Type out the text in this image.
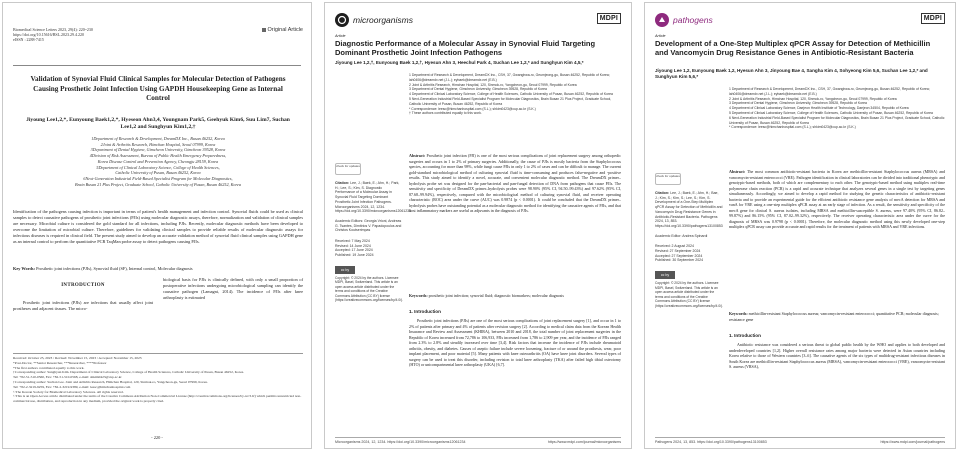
Biomedical Science Letters 2023, 29(4): 220~230
https://doi.org/10.15616/BSL.2023.29.4.220
eISSN : 2288-7415
Original Article
Validation of Synovial Fluid Clinical Samples for Molecular Detection of Pathogens Causing Prosthetic Joint Infection Using GAPDH Housekeeping Gene as Internal Control
Jiyoung Lee1,2,*, Eunyoung Baek1,2,*, Hyeseon Ahn3,4, Youngnam Park5, Geehyuk Kim6, Suu Lim7, Suchan Lee1,2 and Sunghyun Kim1,2,†
1Department of Research & Development, DreamDX Inc., Busan 46252, Korea
2Joint & Arthritis Research, Himchan Hospital, Seoul 07999, Korea
3Department of Dental Hygiene, Gimcheon University, Gimcheon 39528, Korea
4Division of Risk Assessment, Bureau of Public Health Emergency Preparedness,
Korea Disease Control and Prevention Agency, Cheongju 28159, Korea
5Department of Clinical Laboratory Science, College of Health Sciences,
Catholic University of Pusan, Busan 46252, Korea
6Next-Generation Industrial Field-Based Specialist Program for Molecular Diagnostics,
Brain Busan 21 Plus Project, Graduate School, Catholic University of Pusan, Busan 46252, Korea
Identification of the pathogens causing infection is important in terms of patient's health management and infection control. Synovial fluids could be used as clinical samples to detect causative pathogens of prosthetic joint infections (PJIs) using molecular diagnostic assays, therefore, normalization and validation of clinical samples are necessary. Microbial culture is considered the gold standard for all infections, including PJIs. Recently, molecular diagnostic methods have been developed to overcome the limitation of microbial culture. Therefore, guidelines for validating clinical samples to provide reliable results of molecular diagnostic assays for infectious diseases is required in clinical field. The present study aimed to develop an accurate validation method of synovial fluid clinical samples using GAPDH gene as an internal control to perform the quantitative PCR TaqMan probe assay to detect pathogens causing PJIs.
Key Words: Prosthetic joint infections (PJIs), Synovial fluid (SF), Internal control, Molecular diagnosis
INTRODUCTION
Prosthetic joint infections (PJIs) are infections that usually affect joint prostheses and adjacent tissues. The micro-
biological basis for PJIs is clinically defined, with only a small proportion of postoperative infections undergoing microbiological sampling can identify the causative pathogen (Lamagni, 2014). The incidence of PJIs after knee arthroplasty is estimated
Received: October 25, 2023 / Revised: November 15, 2023 / Accepted: November 15, 2023
*Post-Doctor, **Senior Researcher, ***Researcher, ****Professor
*The first authors contributed equally to this work.
†Corresponding author: Sunghyun Kim. Department of Clinical Laboratory Science, College of Health Sciences, Catholic University of Pusan, Busan 46252, Korea.
Tel: +82-51-510-0560, Fax: +82-51-510-0568, e-mail: shkim0423@cup.ac.kr
†Corresponding author: Suchan Lee. Joint and Arthritis Research, Himchan Hospital, 120, Sinmok-ro, Yangcheon-gu, Seoul 07999, Korea.
Tel: +82-2-3219-9259, Fax: +82-2-3219-9389, e-mail: leesc@himchanhospital.com
©The Korean Society for Biomedical Laboratory Sciences. All rights reserved.
©This is an Open Access article distributed under the terms of the Creative Commons Attribution Non-Commercial License (http://creativecommons.org/licenses/by-nc/3.0/) which permits unrestricted non-commercial use, distribution, and reproduction in any medium, provided the original work is properly cited.
- 220 -
microorganisms	MDPI
Article
Diagnostic Performance of a Molecular Assay in Synovial Fluid Targeting Dominant Prosthetic Joint Infection Pathogens
Jiyoung Lee 1,2,†, Eunyoung Baek 1,2,†, Hyesun Ahn 3, Heechul Park 4, Suchan Lee 1,2,* and Sunghyun Kim 4,5,*
check for updates
Citation: Lee, J.; Baek, E.; Ahn, H.; Park, H.; Lee, S.; Kim, S. Diagnostic Performance of a Molecular Assay in Synovial Fluid Targeting Dominant Prosthetic Joint Infection Pathogens. Microorganisms 2024, 12, 1234. https://doi.org/10.3390/microorganisms12061234
Academic Editors: Georgia Vrioni, Andreas G. Tsantes, Dimitrios V. Papadopoulos and Christos Koutserimpas
Received: 7 May 2024
Revised: 14 June 2024
Accepted: 17 June 2024
Published: 19 June 2024
cc by
Copyright: © 2024 by the authors. Licensee MDPI, Basel, Switzerland. This article is an open access article distributed under the terms and conditions of the Creative Commons Attribution (CC BY) license (https://creativecommons.org/licenses/by/4.0/).
1 Department of Research & Development, DreamDX Inc., CSH, 37, Gwanghwa-ro, Geumjeong-gu, Busan 46252, Republic of Korea; lah0406@dreamdx.net (J.L.); eybaek@dreamdx.net (E.B.)
2 Joint & Arthritis Research, Himchan Hospital, 120, Sinmok-ro, Yangcheon-gu, Seoul 07999, Republic of Korea
3 Department of Dental Hygiene, Gimcheon University, Gimcheon 39528, Republic of Korea
4 Department of Clinical Laboratory Science, College of Health Sciences, Catholic University of Pusan, Busan 46252, Republic of Korea
5 Next-Generation Industrial Field-Based Specialist Program for Molecular Diagnostics, Brain Busan 21 Plus Project, Graduate School, Catholic University of Pusan, Busan 46252, Republic of Korea
* Correspondence: leesc@himchanhospital.com (S.L.); shkim0423@cup.ac.kr (S.K.)
† These authors contributed equally to this work.
Abstract: Prosthetic joint infection (PJI) is one of the most serious complications of joint replacement surgery among orthopedic surgeries and occurs in 1 to 2% of primary surgeries. Additionally, the cause of PJIs is mostly bacteria from the Staphylococcus species, accounting for more than 98%, while fungi cause PJIs in only 1 to 2% of cases and can be difficult to manage. The current gold-standard microbiological method of culturing synovial fluid is time-consuming and produces false-negative and -positive results. This study aimed to identify a novel, accurate, and convenient molecular diagnostic method. The DreamDX primer–hydrolysis probe set was designed for the pan-bacterial and pan-fungal detection of DNA from pathogens that cause PJIs. The sensitivity and specificity of DreamDX primer–hydrolysis probes were 98.90% (95% CI, 94.50–99.43%) and 97.62% (95% CI, 87.68–99.94%), respectively, compared with the microbiological method of culturing synovial fluid, and receiver operating characteristic (ROC) area under the curve (AUC) was 0.9874 (p < 0.0001). It could be concluded that the DreamDX primer–hydrolysis probes have outstanding potential as a molecular diagnostic method for identifying the causative agents of PJIs, and that host inflammatory markers are useful as adjuvants in the diagnosis of PJIs.
Keywords: prosthetic joint infection; synovial fluid; diagnostic biomarkers; molecular diagnosis
1. Introduction
Prosthetic joint infections (PJIs) are one of the most serious complications of joint replacement surgery [1], and occur in 1 to 2% of patients after primary and 4% of patients after revision surgery [2]. According to medical claim data from the Korean Health Insurance and Review and Assessment (KHIRA), between 2010 and 2018, the total number of joint replacement surgeries in the Republic of Korea increased from 72,786 to 106,933, PJIs increased from 1,786 to 2,909 per year, and the incidence of PJIs ranged from 2.3% to 2.8% and steadily increased over time [3,4]. Risk factors that increase the incidence of PJIs include rheumatoid arthritis, obesity, and diabetes. Causes of aseptic failure include severe loosening, fracture of or around the prosthesis, wear, poor implant placement, and poor material [5]. Many patients with knee osteoarthritis (OA) have knee joint disorders. Several types of surgery can be used to treat this disorder, including revision to total knee arthroplasty (TKA) after failed high tibial osteotomy (HTO) or unicompartmental knee arthroplasty (UKA) [6,7].
Microorganisms 2024, 12, 1234. https://doi.org/10.3390/microorganisms12061234	https://www.mdpi.com/journal/microorganisms
pathogens	MDPI
Article
Development of a One-Step Multiplex qPCR Assay for Detection of Methicillin and Vancomycin Drug Resistance Genes in Antibiotic-Resistant Bacteria
Jiyoung Lee 1,2, Eunyoung Baek 1,2, Hyesun Ahn 3, Jinyoung Bae 4, Sangha Kim 4, Sohyeong Kim 5,6, Suchan Lee 1,2,* and Sunghyun Kim 5,6,*
check for updates
Citation: Lee, J.; Baek, E.; Ahn, H.; Bae, J.; Kim, S.; Kim, S.; Lee, S.; Kim, S. Development of a One-Step Multiplex qPCR Assay for Detection of Methicillin and Vancomycin Drug Resistance Genes in Antibiotic-Resistant Bacteria. Pathogens 2024, 13, 853. https://doi.org/10.3390/pathogens13100853
Academic Editor: Andrea Spinardi
Received: 2 August 2024
Revised: 27 September 2024
Accepted: 27 September 2024
Published: 30 September 2024
cc by
Copyright: © 2024 by the authors. Licensee MDPI, Basel, Switzerland. This article is an open access article distributed under the terms and conditions of the Creative Commons Attribution (CC BY) license (https://creativecommons.org/licenses/by/4.0/).
1 Department of Research & Development, DreamDX Inc., CSH, 37, Gwanghwa-ro, Geumjeong-gu, Busan 46252, Republic of Korea; lah0406@dreamdx.net (J.L.); eybaek@dreamdx.net (E.B.)
2 Joint & Arthritis Research, Himchan Hospital, 120, Sinmok-ro, Yangcheon-gu, Seoul 07999, Republic of Korea
3 Department of Dental Hygiene, Gimcheon University, Gimcheon 39528, Republic of Korea
4 Department of Clinical Laboratory Science, Daejeon Health Institute of Technology, Daejeon 34504, Republic of Korea
5 Department of Clinical Laboratory Science, College of Health Sciences, Catholic University of Pusan, Busan 46252, Republic of Korea
6 Next-Generation Industrial Field-Based Specialist Program for Molecular Diagnostics, Brain Busan 21 Plus Project, Graduate School, Catholic University of Pusan, Busan 46252, Republic of Korea
* Correspondence: leesc@himchanhospital.com (S.L.); shkim0423@cup.ac.kr (S.K.)
Abstract: The most common antibiotic-resistant bacteria in Korea are methicillin-resistant Staphylococcus aureus (MRSA) and vancomycin-resistant enterococci (VRE). Pathogen identification in clinical laboratories can be divided into traditional phenotypic and genotypic-based methods, both of which are complementary to each other. The genotypic-based method using multiplex real-time polymerase chain reaction (PCR) is a rapid and accurate technique that analyzes several genes in a single test by targeting genes simultaneously. Accordingly, we aimed to develop a rapid method for studying the genetic characteristics of antibiotic-resistant bacteria and to provide an experimental guide for the efficient antibiotic resistance gene analysis of mecA detection for MRSA and vanA for VRE using a one-step multiplex qPCR assay at an early stage of infection. As a result, the sensitivity and specificity of the mecA gene for clinical S. aureus isolates, including MRSA and methicillin-susceptible S. aureus, were 97.40% (95% CI, 86.82–99.87%) and 86.15% (95% CI, 87.02–99.32%), respectively. The receiver operating characteristic area under the curve for the diagnosis of MRSA was 0.9798 (p < 0.0001). Therefore, the molecular diagnostic method using this newly developed one-step multiplex qPCR assay can provide accurate and rapid results for the treatment of patients with MRSA and VRE infections.
Keywords: methicillin-resistant Staphylococcus aureus; vancomycin-resistant enterococci; quantitative PCR; molecular diagnosis; resistance gene
1. Introduction
Antibiotic resistance was considered a serious threat to global public health by the WHO and applies to both developed and underdeveloped countries [1,2]. Higher overall resistance rates among major bacteria were detected in Asian countries including Korea relative to those of Western countries [3–6]. The causative agents of the six types of multidrug-resistant infectious diseases in South Korea are methicillin-resistant Staphylococcus aureus (MRSA), vancomycin-resistant enterococci (VRE), vancomycin-resistant S. aureus (VRSA),
Pathogens 2024, 13, 853. https://doi.org/10.3390/pathogens13100853	https://www.mdpi.com/journal/pathogens
